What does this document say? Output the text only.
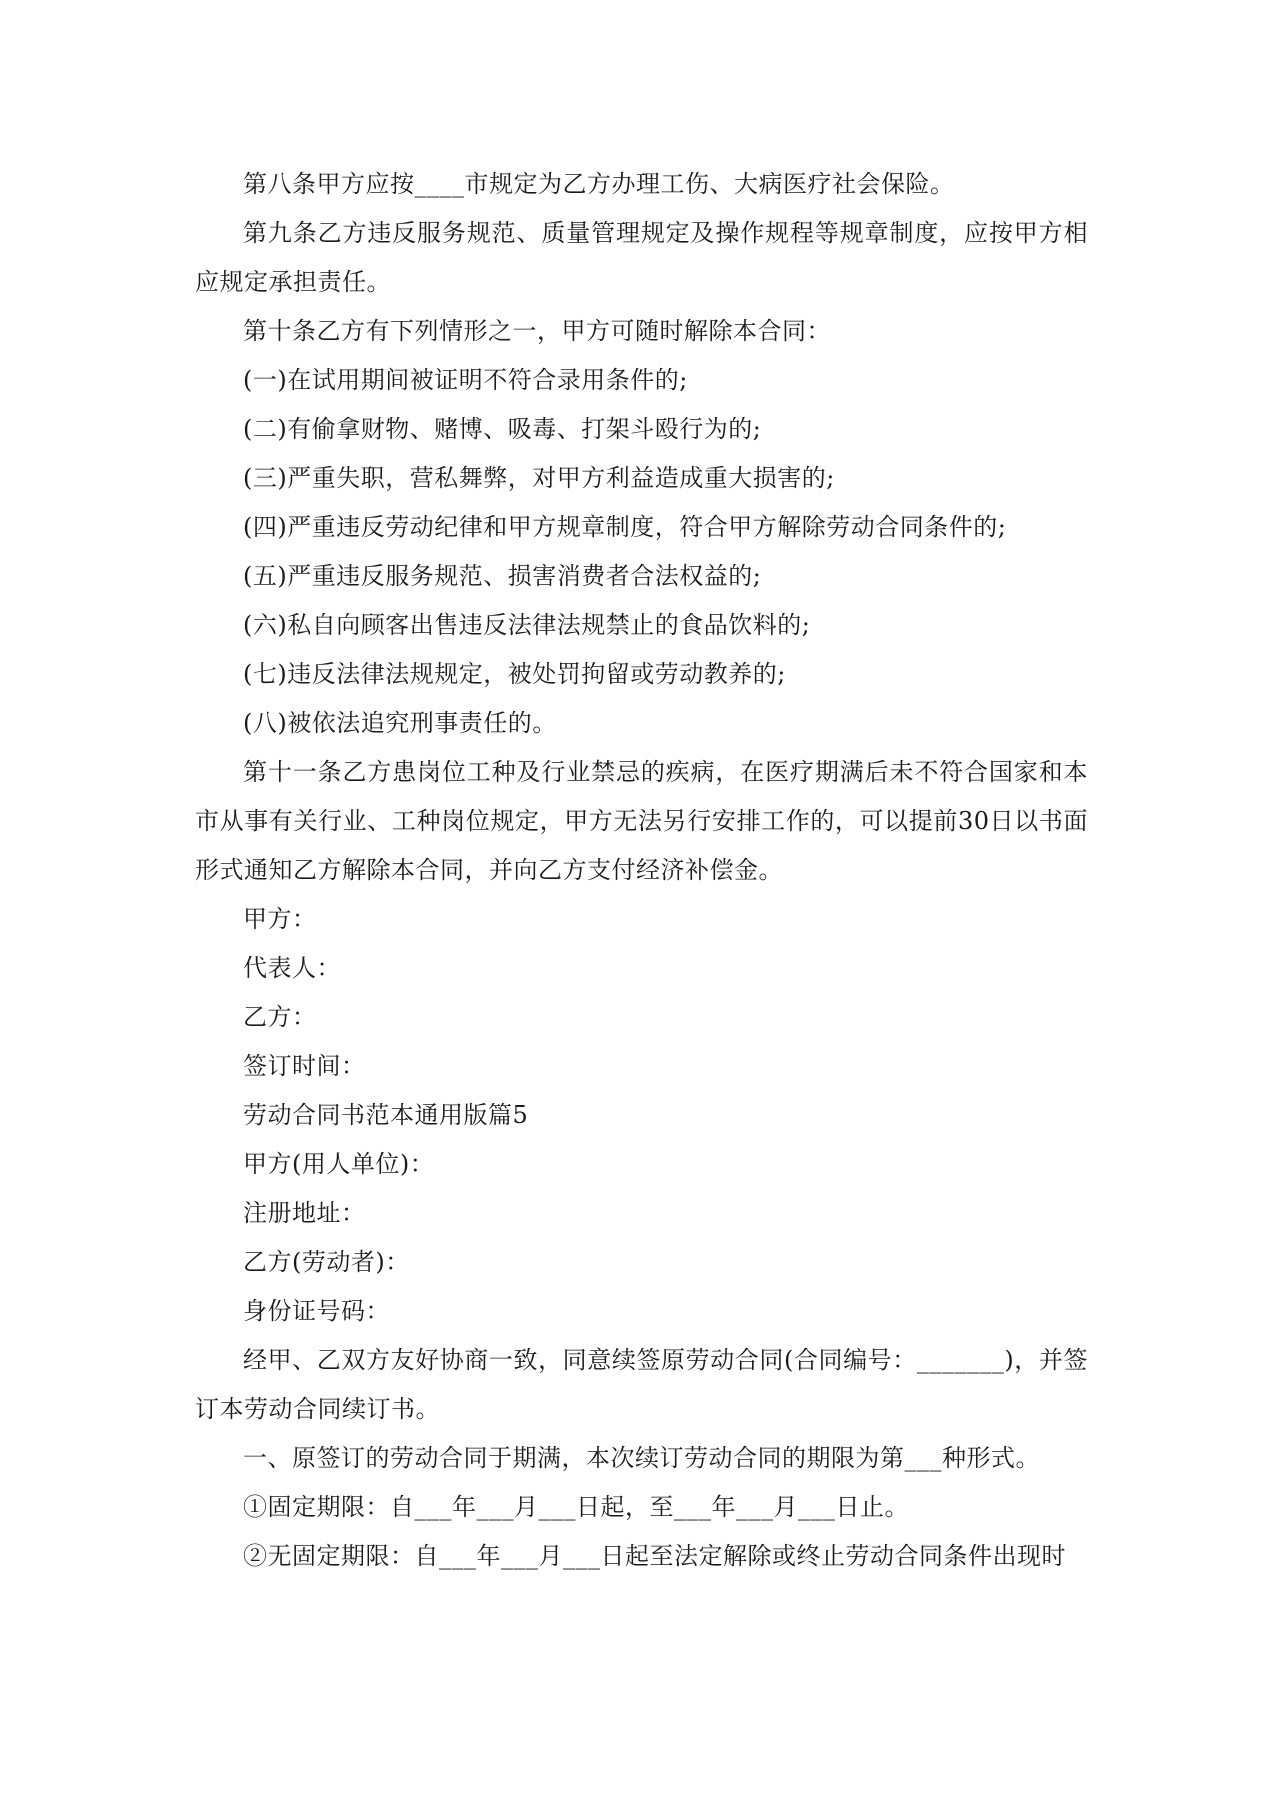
第八条甲方应按____市规定为乙方办理工伤、大病医疗社会保险。

第九条乙方违反服务规范、质量管理规定及操作规程等规章制度，应按甲方相应规定承担责任。

第十条乙方有下列情形之一，甲方可随时解除本合同：

(一)在试用期间被证明不符合录用条件的;

(二)有偷拿财物、赌博、吸毒、打架斗殴行为的;

(三)严重失职，营私舞弊，对甲方利益造成重大损害的;

(四)严重违反劳动纪律和甲方规章制度，符合甲方解除劳动合同条件的;

(五)严重违反服务规范、损害消费者合法权益的;

(六)私自向顾客出售违反法律法规禁止的食品饮料的;

(七)违反法律法规规定，被处罚拘留或劳动教养的;

(八)被依法追究刑事责任的。

第十一条乙方患岗位工种及行业禁忌的疾病，在医疗期满后未不符合国家和本市从事有关行业、工种岗位规定，甲方无法另行安排工作的，可以提前30日以书面形式通知乙方解除本合同，并向乙方支付经济补偿金。

甲方：

代表人：

乙方：

签订时间：

劳动合同书范本通用版篇5

甲方(用人单位)：

注册地址：

乙方(劳动者)：

身份证号码：

经甲、乙双方友好协商一致，同意续签原劳动合同(合同编号：_______)，并签订本劳动合同续订书。

一、原签订的劳动合同于期满，本次续订劳动合同的期限为第___种形式。

①固定期限：自___年___月___日起，至___年___月___日止。

②无固定期限：自___年___月___日起至法定解除或终止劳动合同条件出现时
